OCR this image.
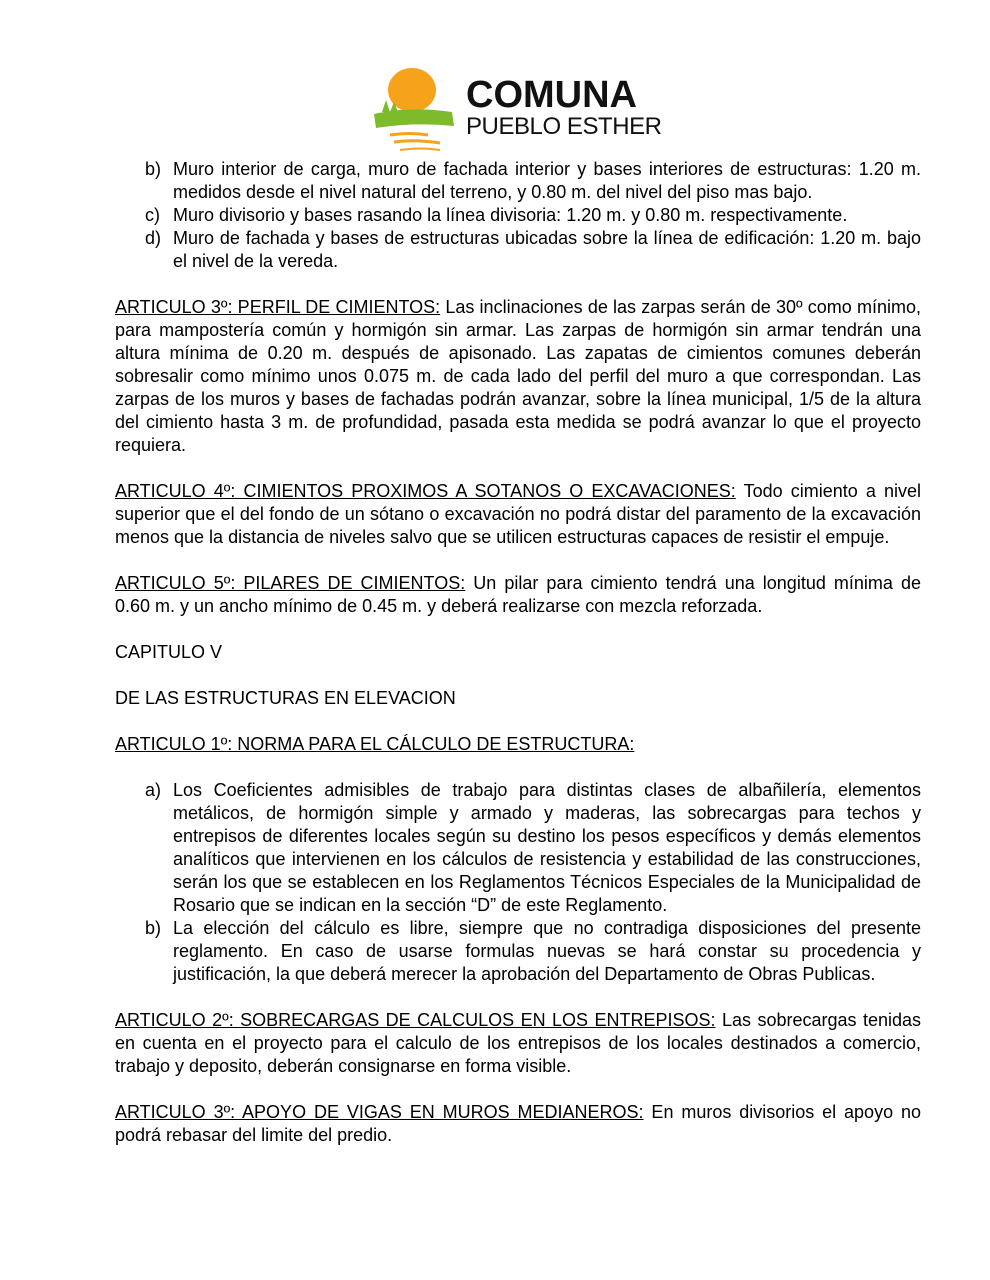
COMUNA
PUEBLO ESTHER
b) Muro interior de carga, muro de fachada interior y bases interiores de estructuras: 1.20 m. medidos desde el nivel natural del terreno, y 0.80 m. del nivel del piso mas bajo.
c) Muro divisorio y bases rasando la línea divisoria: 1.20 m. y 0.80 m. respectivamente.
d) Muro de fachada y bases de estructuras ubicadas sobre la línea de edificación: 1.20 m. bajo el nivel de la vereda.

ARTICULO 3º: PERFIL DE CIMIENTOS: Las inclinaciones de las zarpas serán de 30º como mínimo, para mampostería común y hormigón sin armar. Las zarpas de hormigón sin armar tendrán una altura mínima de 0.20 m. después de apisonado. Las zapatas de cimientos comunes deberán sobresalir como mínimo unos 0.075 m. de cada lado del perfil del muro a que correspondan. Las zarpas de los muros y bases de fachadas podrán avanzar, sobre la línea municipal, 1/5 de la altura del cimiento hasta 3 m. de profundidad, pasada esta medida se podrá avanzar lo que el proyecto requiera.

ARTICULO 4º: CIMIENTOS PROXIMOS A SOTANOS O EXCAVACIONES: Todo cimiento a nivel superior que el del fondo de un sótano o excavación no podrá distar del paramento de la excavación menos que la distancia de niveles salvo que se utilicen estructuras capaces de resistir el empuje.

ARTICULO 5º: PILARES DE CIMIENTOS: Un pilar para cimiento tendrá una longitud mínima de 0.60 m. y un ancho mínimo de 0.45 m. y deberá realizarse con mezcla reforzada.

CAPITULO V

DE LAS ESTRUCTURAS EN ELEVACION

ARTICULO 1º: NORMA PARA EL CÁLCULO DE ESTRUCTURA:

a) Los Coeficientes admisibles de trabajo para distintas clases de albañilería, elementos metálicos, de hormigón simple y armado y maderas, las sobrecargas para techos y entrepisos de diferentes locales según su destino los pesos específicos y demás elementos analíticos que intervienen en los cálculos de resistencia y estabilidad de las construcciones, serán los que se establecen en los Reglamentos Técnicos Especiales de la Municipalidad de Rosario que se indican en la sección “D” de este Reglamento.
b) La elección del cálculo es libre, siempre que no contradiga disposiciones del presente reglamento. En caso de usarse formulas nuevas se hará constar su procedencia y justificación, la que deberá merecer la aprobación del Departamento de Obras Publicas.

ARTICULO 2º: SOBRECARGAS DE CALCULOS EN LOS ENTREPISOS: Las sobrecargas tenidas en cuenta en el proyecto para el calculo de los entrepisos de los locales destinados a comercio, trabajo y deposito, deberán consignarse en forma visible.

ARTICULO 3º: APOYO DE VIGAS EN MUROS MEDIANEROS: En muros divisorios el apoyo no podrá rebasar del limite del predio.
